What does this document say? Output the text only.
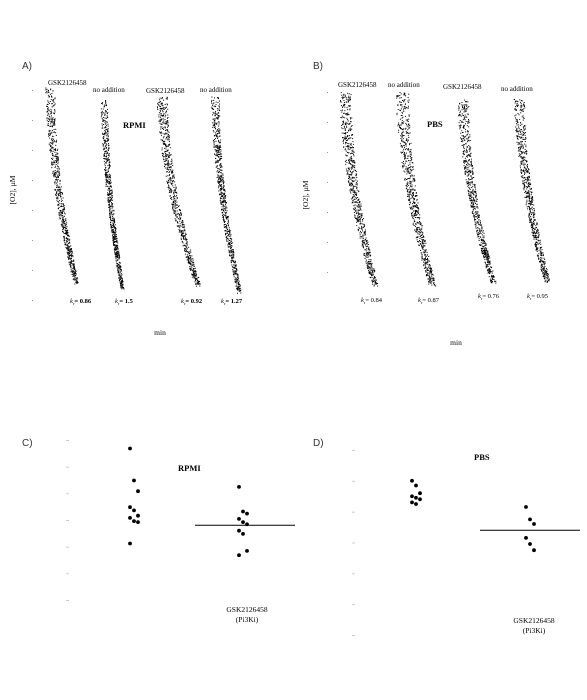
A)
RPMI
[O2], µM
min
GSK2126458
no addition	GSK2126458 no addition
$k_r= 0.86$	$k_r= 1.5$	$k_r= 0.92$	$k_r= 1.27$
B)
PBS
[O2], µM
min
GSK2126458 no addition	GSK2126458	no addition
$k_r= 0.84$	$k_r= 0.87$
$k_r= 0.76$	$k_r= 0.95$
C)
RPMI
GSK2126458
(Pi3Ki)
D)
PBS
GSK2126458
(Pi3Ki)
